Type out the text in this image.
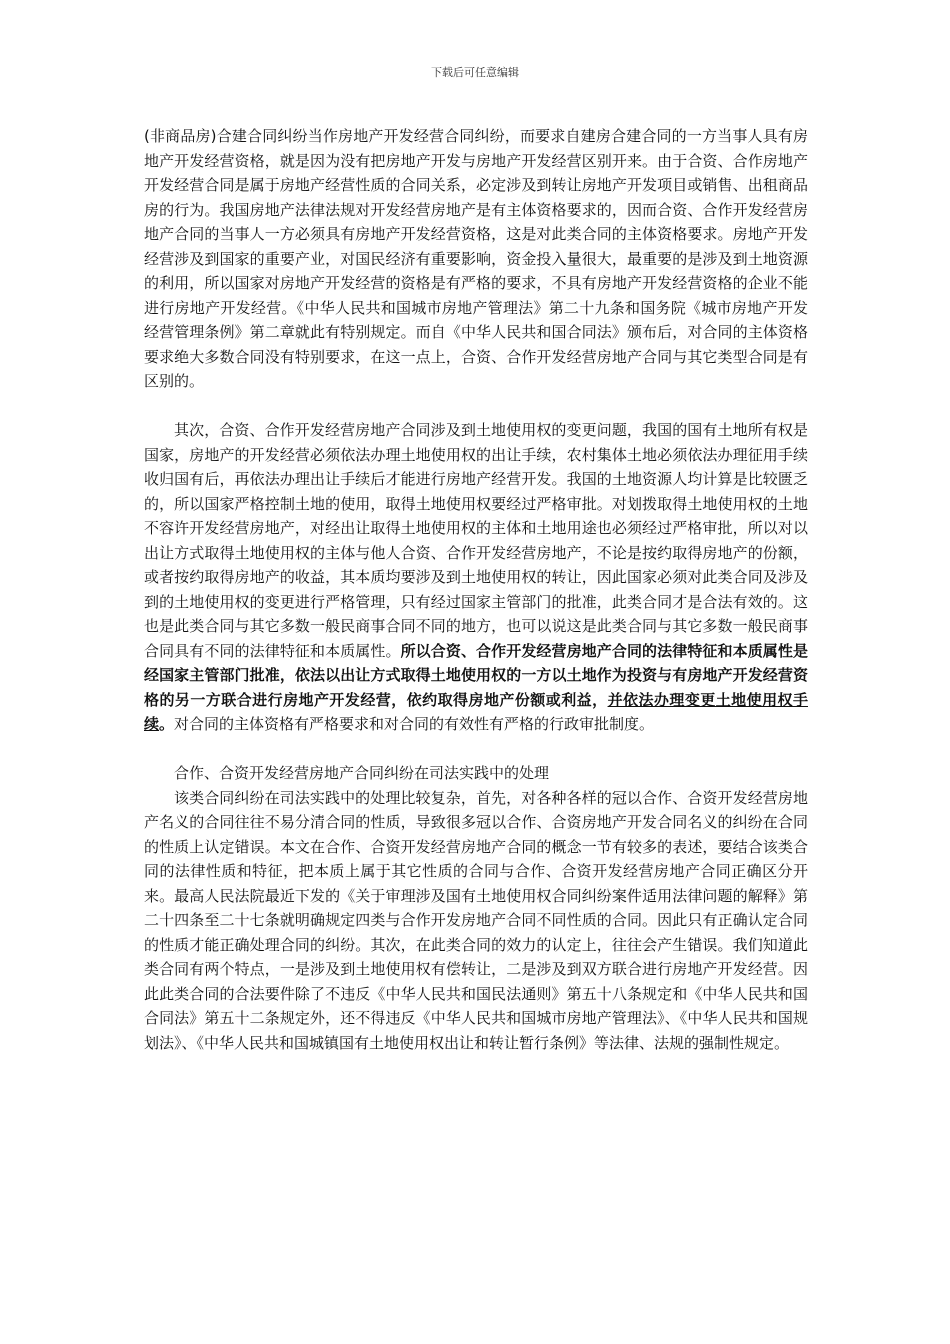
下载后可任意编辑

(非商品房)合建合同纠纷当作房地产开发经营合同纠纷，而要求自建房合建合同的一方当事人具有房地产开发经营资格，就是因为没有把房地产开发与房地产开发经营区别开来。由于合资、合作房地产开发经营合同是属于房地产经营性质的合同关系，必定涉及到转让房地产开发项目或销售、出租商品房的行为。我国房地产法律法规对开发经营房地产是有主体资格要求的，因而合资、合作开发经营房地产合同的当事人一方必须具有房地产开发经营资格，这是对此类合同的主体资格要求。房地产开发经营涉及到国家的重要产业，对国民经济有重要影响，资金投入量很大，最重要的是涉及到土地资源的利用，所以国家对房地产开发经营的资格是有严格的要求，不具有房地产开发经营资格的企业不能进行房地产开发经营。《中华人民共和国城市房地产管理法》第二十九条和国务院《城市房地产开发经营管理条例》第二章就此有特别规定。而自《中华人民共和国合同法》颁布后，对合同的主体资格要求绝大多数合同没有特别要求，在这一点上，合资、合作开发经营房地产合同与其它类型合同是有区别的。

其次，合资、合作开发经营房地产合同涉及到土地使用权的变更问题，我国的国有土地所有权是国家，房地产的开发经营必须依法办理土地使用权的出让手续，农村集体土地必须依法办理征用手续收归国有后，再依法办理出让手续后才能进行房地产经营开发。我国的土地资源人均计算是比较匮乏的，所以国家严格控制土地的使用，取得土地使用权要经过严格审批。对划拨取得土地使用权的土地不容许开发经营房地产，对经出让取得土地使用权的主体和土地用途也必须经过严格审批，所以对以出让方式取得土地使用权的主体与他人合资、合作开发经营房地产，不论是按约取得房地产的份额，或者按约取得房地产的收益，其本质均要涉及到土地使用权的转让，因此国家必须对此类合同及涉及到的土地使用权的变更进行严格管理，只有经过国家主管部门的批准，此类合同才是合法有效的。这也是此类合同与其它多数一般民商事合同不同的地方，也可以说这是此类合同与其它多数一般民商事合同具有不同的法律特征和本质属性。所以合资、合作开发经营房地产合同的法律特征和本质属性是经国家主管部门批准，依法以出让方式取得土地使用权的一方以土地作为投资与有房地产开发经营资格的另一方联合进行房地产开发经营，依约取得房地产份额或利益，并依法办理变更土地使用权手续。对合同的主体资格有严格要求和对合同的有效性有严格的行政审批制度。

合作、合资开发经营房地产合同纠纷在司法实践中的处理

该类合同纠纷在司法实践中的处理比较复杂，首先，对各种各样的冠以合作、合资开发经营房地产名义的合同往往不易分清合同的性质，导致很多冠以合作、合资房地产开发合同名义的纠纷在合同的性质上认定错误。本文在合作、合资开发经营房地产合同的概念一节有较多的表述，要结合该类合同的法律性质和特征，把本质上属于其它性质的合同与合作、合资开发经营房地产合同正确区分开来。最高人民法院最近下发的《关于审理涉及国有土地使用权合同纠纷案件适用法律问题的解释》第二十四条至二十七条就明确规定四类与合作开发房地产合同不同性质的合同。因此只有正确认定合同的性质才能正确处理合同的纠纷。其次，在此类合同的效力的认定上，往往会产生错误。我们知道此类合同有两个特点，一是涉及到土地使用权有偿转让，二是涉及到双方联合进行房地产开发经营。因此此类合同的合法要件除了不违反《中华人民共和国民法通则》第五十八条规定和《中华人民共和国合同法》第五十二条规定外，还不得违反《中华人民共和国城市房地产管理法》、《中华人民共和国规划法》、《中华人民共和国城镇国有土地使用权出让和转让暂行条例》等法律、法规的强制性规定。
